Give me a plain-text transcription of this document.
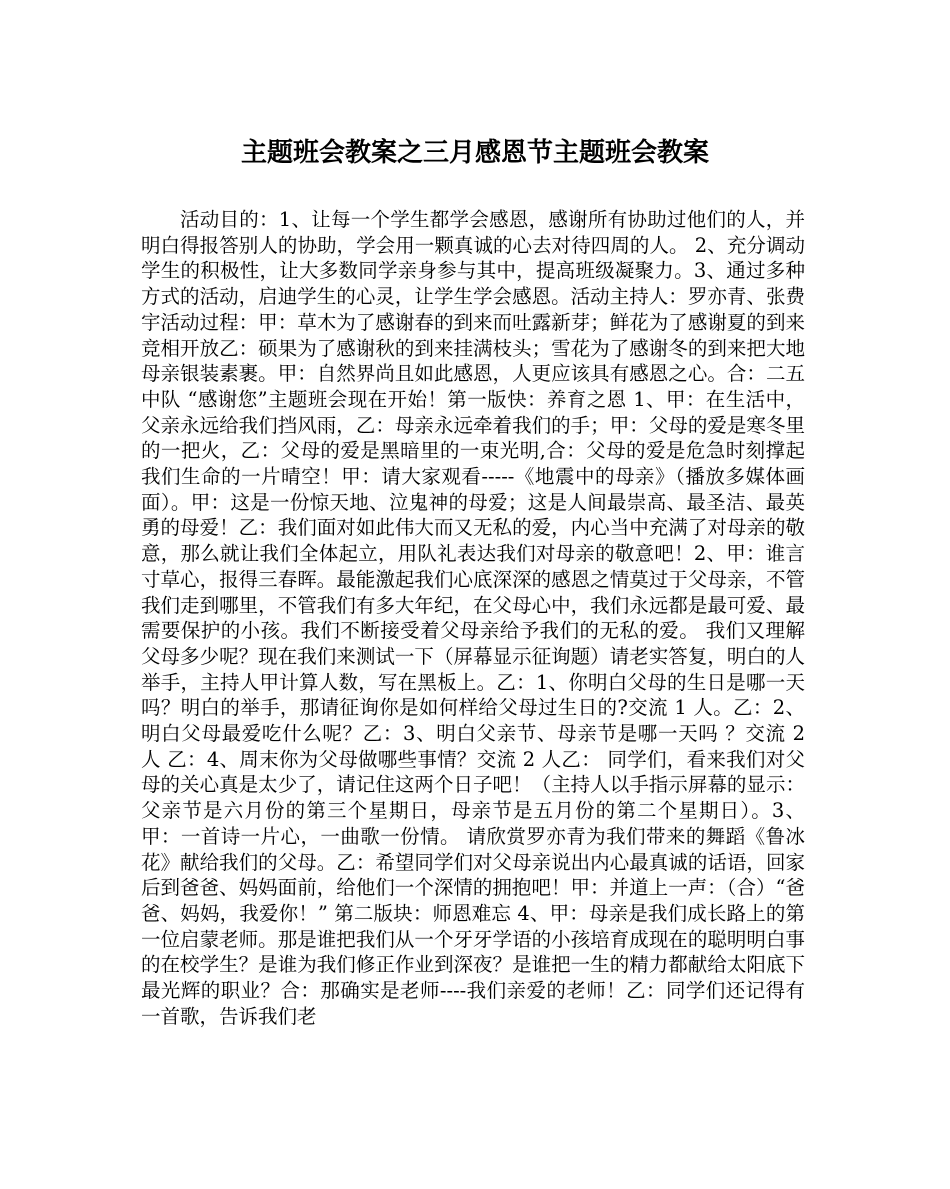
主题班会教案之三月感恩节主题班会教案

活动目的：1、让每一个学生都学会感恩，感谢所有协助过他们的人，并明白得报答别人的协助，学会用一颗真诚的心去对待四周的人。 2、充分调动学生的积极性，让大多数同学亲身参与其中，提高班级凝聚力。3、通过多种方式的活动，启迪学生的心灵，让学生学会感恩。活动主持人：罗亦青、张费宇活动过程：甲：草木为了感谢春的到来而吐露新芽；鲜花为了感谢夏的到来竞相开放乙：硕果为了感谢秋的到来挂满枝头；雪花为了感谢冬的到来把大地母亲银装素裹。甲：自然界尚且如此感恩，人更应该具有感恩之心。合：二五中队 “感谢您”主题班会现在开始！第一版快：养育之恩 1、甲：在生活中，父亲永远给我们挡风雨，乙：母亲永远牵着我们的手；甲：父母的爱是寒冬里的一把火，乙：父母的爱是黑暗里的一束光明,合：父母的爱是危急时刻撑起我们生命的一片晴空！甲：请大家观看-----《地震中的母亲》（播放多媒体画面）。甲：这是一份惊天地、泣鬼神的母爱；这是人间最崇高、最圣洁、最英勇的母爱！乙：我们面对如此伟大而又无私的爱，内心当中充满了对母亲的敬意，那么就让我们全体起立，用队礼表达我们对母亲的敬意吧！2、甲：谁言寸草心，报得三春晖。最能激起我们心底深深的感恩之情莫过于父母亲，不管我们走到哪里，不管我们有多大年纪，在父母心中，我们永远都是最可爱、最需要保护的小孩。我们不断接受着父母亲给予我们的无私的爱。 我们又理解父母多少呢？现在我们来测试一下（屏幕显示征询题）请老实答复，明白的人举手，主持人甲计算人数，写在黑板上。乙：1、你明白父母的生日是哪一天吗？明白的举手，那请征询你是如何样给父母过生日的?交流 1 人。乙：2、明白父母最爱吃什么呢？乙：3、明白父亲节、母亲节是哪一天吗 ？交流 2 人 乙：4、周末你为父母做哪些事情？交流 2 人乙： 同学们，看来我们对父母的关心真是太少了，请记住这两个日子吧！（主持人以手指示屏幕的显示：父亲节是六月份的第三个星期日，母亲节是五月份的第二个星期日）。3、甲：一首诗一片心，一曲歌一份情。 请欣赏罗亦青为我们带来的舞蹈《鲁冰花》献给我们的父母。乙：希望同学们对父母亲说出内心最真诚的话语，回家后到爸爸、妈妈面前，给他们一个深情的拥抱吧！甲：并道上一声：（合）“爸爸、妈妈，我爱你！” 第二版块：师恩难忘 4、甲：母亲是我们成长路上的第一位启蒙老师。那是谁把我们从一个牙牙学语的小孩培育成现在的聪明明白事的在校学生？是谁为我们修正作业到深夜？是谁把一生的精力都献给太阳底下最光辉的职业？合：那确实是老师----我们亲爱的老师！乙：同学们还记得有一首歌，告诉我们老
